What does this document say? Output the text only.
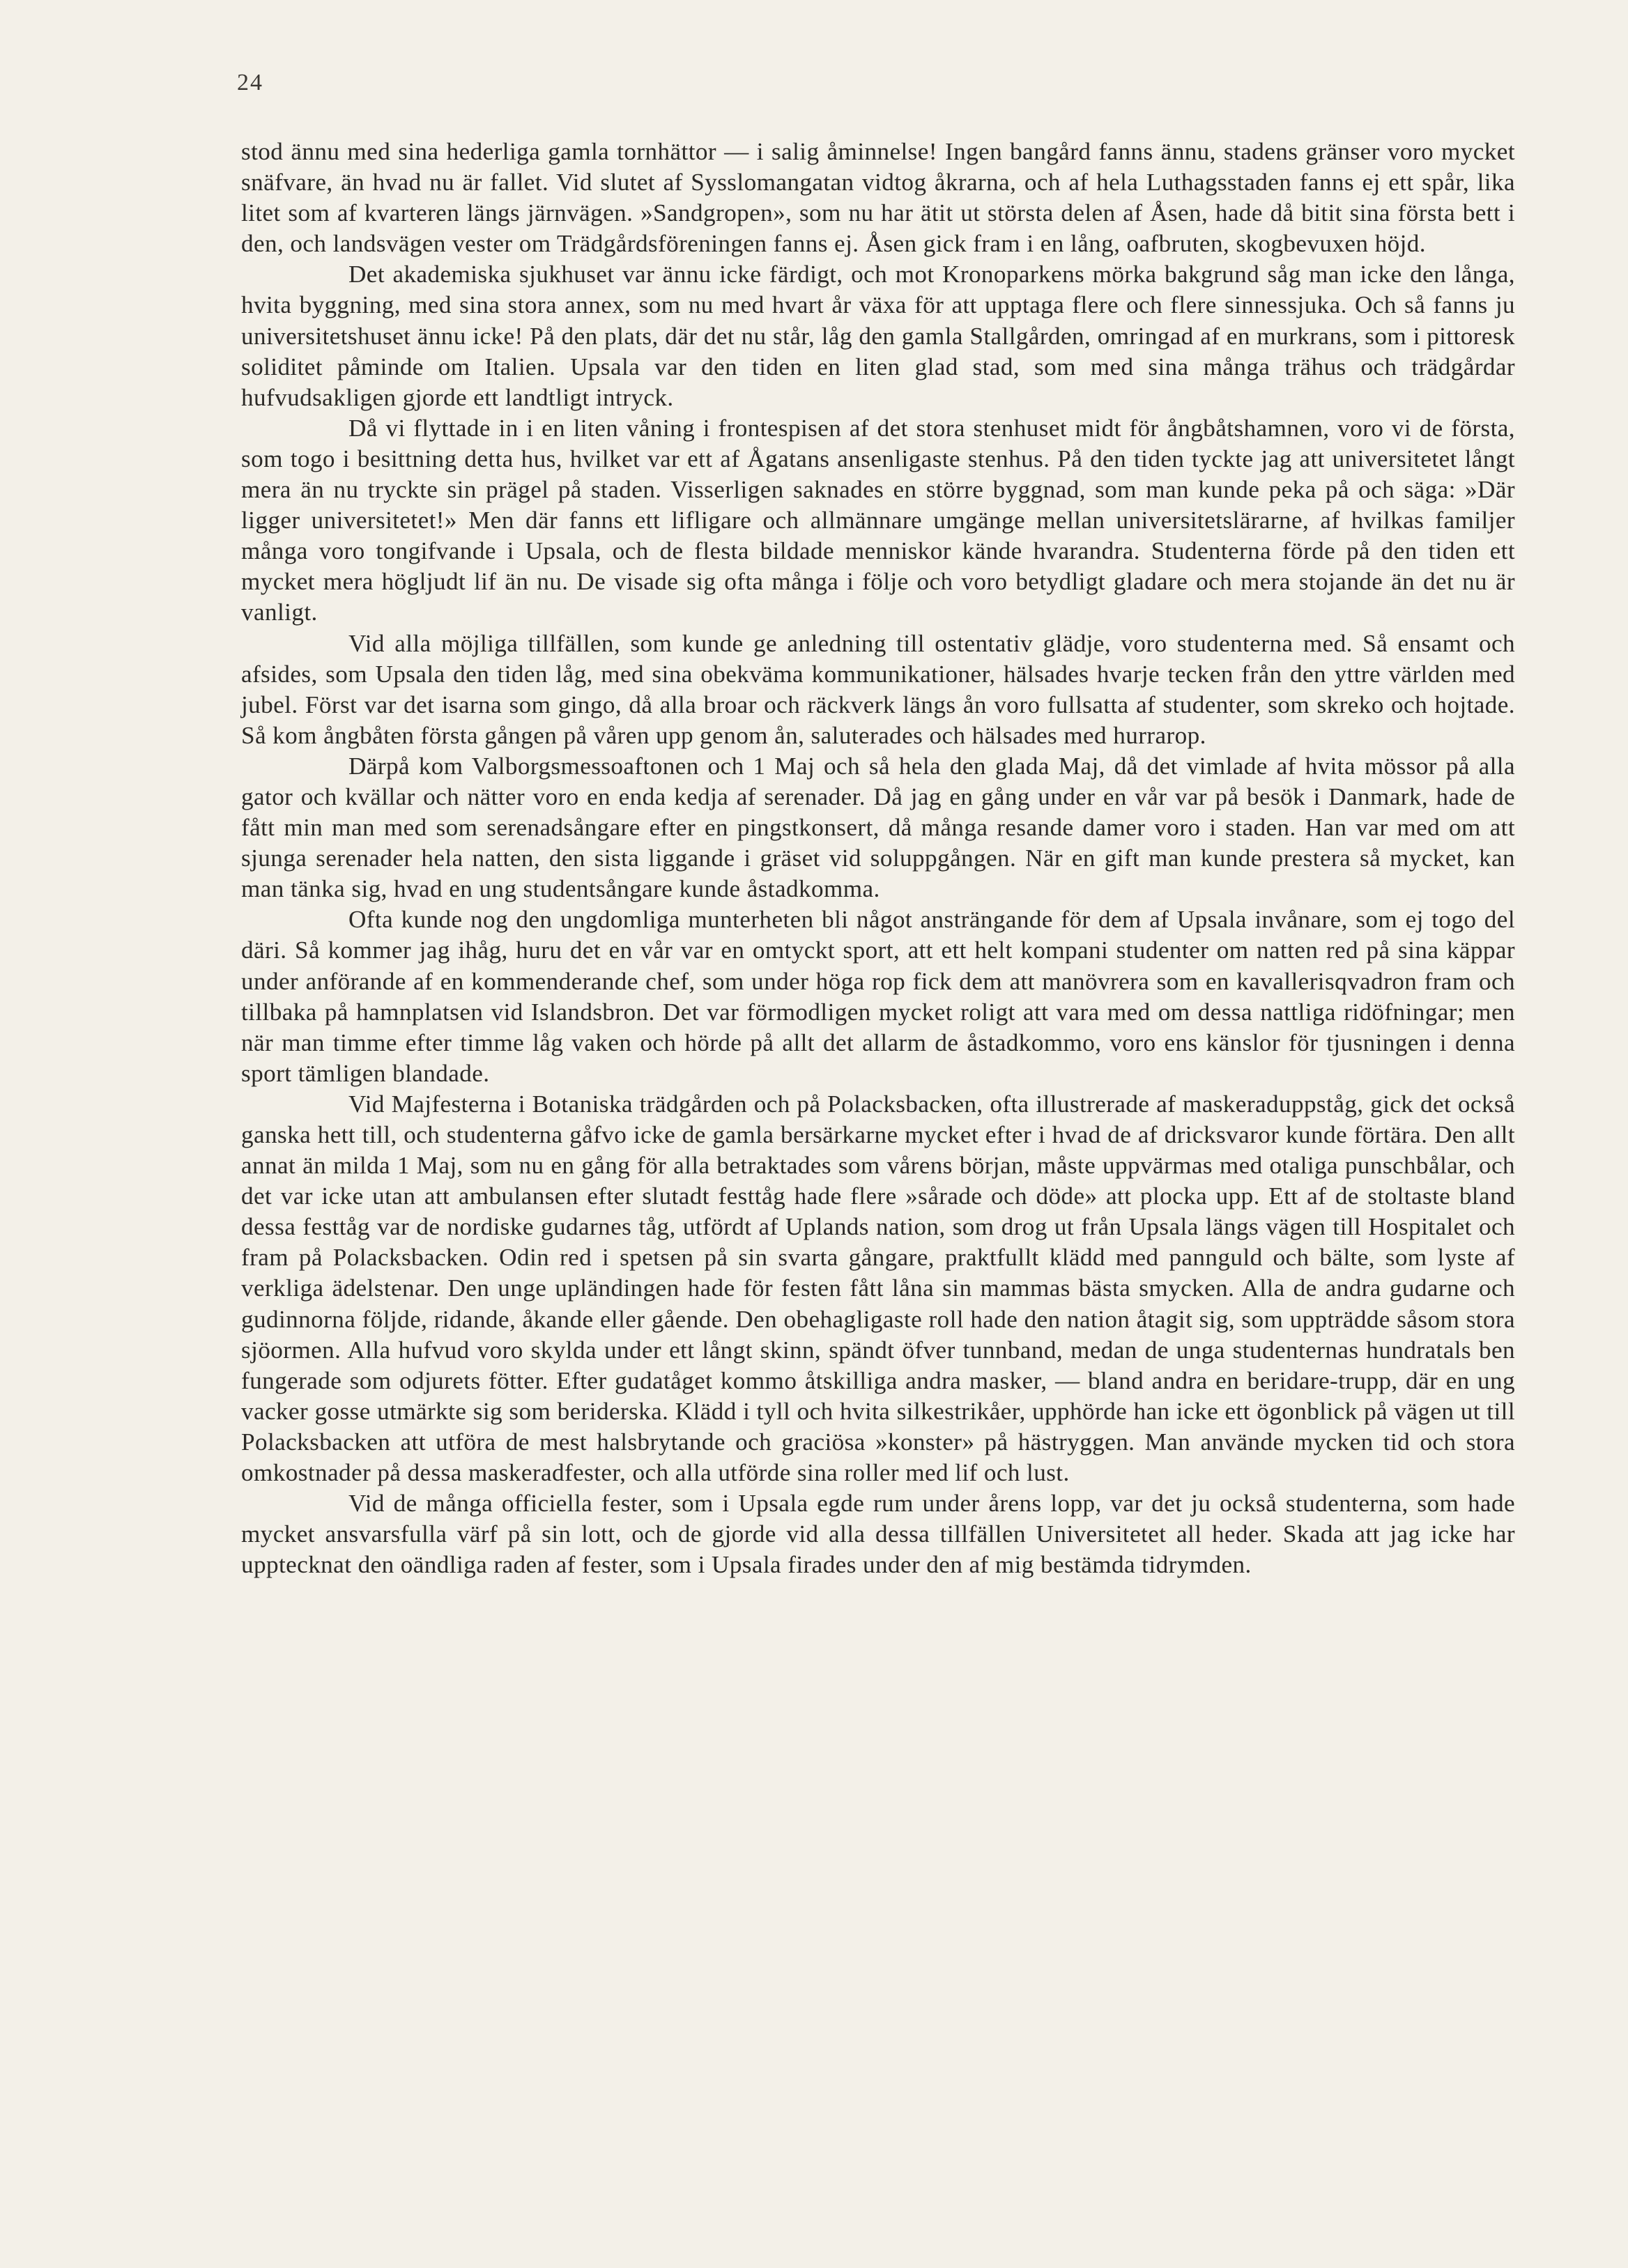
24

stod ännu med sina hederliga gamla tornhättor — i salig åminnelse! Ingen bangård fanns ännu, stadens gränser voro mycket snäfvare, än hvad nu är fallet. Vid slutet af Sysslomangatan vidtog åkrarna, och af hela Luthagsstaden fanns ej ett spår, lika litet som af kvarteren längs järnvägen. »Sandgropen», som nu har ätit ut största delen af Åsen, hade då bitit sina första bett i den, och landsvägen vester om Trädgårdsföreningen fanns ej. Åsen gick fram i en lång, oafbruten, skogbevuxen höjd.

Det akademiska sjukhuset var ännu icke färdigt, och mot Kronoparkens mörka bakgrund såg man icke den långa, hvita byggning, med sina stora annex, som nu med hvart år växa för att upptaga flere och flere sinnessjuka. Och så fanns ju universitetshuset ännu icke! På den plats, där det nu står, låg den gamla Stallgården, omringad af en murkrans, som i pittoresk soliditet påminde om Italien. Upsala var den tiden en liten glad stad, som med sina många trähus och trädgårdar hufvudsakligen gjorde ett landtligt intryck.

Då vi flyttade in i en liten våning i frontespisen af det stora stenhuset midt för ångbåtshamnen, voro vi de första, som togo i besittning detta hus, hvilket var ett af Ågatans ansenligaste stenhus. På den tiden tyckte jag att universitetet långt mera än nu tryckte sin prägel på staden. Visserligen saknades en större byggnad, som man kunde peka på och säga: »Där ligger universitetet!» Men där fanns ett lifligare och allmännare umgänge mellan universitetslärarne, af hvilkas familjer många voro tongifvande i Upsala, och de flesta bildade menniskor kände hvarandra. Studenterna förde på den tiden ett mycket mera högljudt lif än nu. De visade sig ofta många i följe och voro betydligt gladare och mera stojande än det nu är vanligt.

Vid alla möjliga tillfällen, som kunde ge anledning till ostentativ glädje, voro studenterna med. Så ensamt och afsides, som Upsala den tiden låg, med sina obekväma kommunikationer, hälsades hvarje tecken från den yttre världen med jubel. Först var det isarna som gingo, då alla broar och räckverk längs ån voro fullsatta af studenter, som skreko och hojtade. Så kom ångbåten första gången på våren upp genom ån, saluterades och hälsades med hurrarop.

Därpå kom Valborgsmessoaftonen och 1 Maj och så hela den glada Maj, då det vimlade af hvita mössor på alla gator och kvällar och nätter voro en enda kedja af serenader. Då jag en gång under en vår var på besök i Danmark, hade de fått min man med som serenadsångare efter en pingstkonsert, då många resande damer voro i staden. Han var med om att sjunga serenader hela natten, den sista liggande i gräset vid soluppgången. När en gift man kunde prestera så mycket, kan man tänka sig, hvad en ung studentsångare kunde åstadkomma.

Ofta kunde nog den ungdomliga munterheten bli något ansträngande för dem af Upsala invånare, som ej togo del däri. Så kommer jag ihåg, huru det en vår var en omtyckt sport, att ett helt kompani studenter om natten red på sina käppar under anförande af en kommenderande chef, som under höga rop fick dem att manövrera som en kavallerisqvadron fram och tillbaka på hamnplatsen vid Islandsbron. Det var förmodligen mycket roligt att vara med om dessa nattliga ridöfningar; men när man timme efter timme låg vaken och hörde på allt det allarm de åstadkommo, voro ens känslor för tjusningen i denna sport tämligen blandade.

Vid Majfesterna i Botaniska trädgården och på Polacksbacken, ofta illustrerade af maskeraduppståg, gick det också ganska hett till, och studenterna gåfvo icke de gamla bersärkarne mycket efter i hvad de af dricksvaror kunde förtära. Den allt annat än milda 1 Maj, som nu en gång för alla betraktades som vårens början, måste uppvärmas med otaliga punschbålar, och det var icke utan att ambulansen efter slutadt festtåg hade flere »sårade och döde» att plocka upp. Ett af de stoltaste bland dessa festtåg var de nordiske gudarnes tåg, utfördt af Uplands nation, som drog ut från Upsala längs vägen till Hospitalet och fram på Polacksbacken. Odin red i spetsen på sin svarta gångare, praktfullt klädd med pannguld och bälte, som lyste af verkliga ädelstenar. Den unge upländingen hade för festen fått låna sin mammas bästa smycken. Alla de andra gudarne och gudinnorna följde, ridande, åkande eller gående. Den obehagligaste roll hade den nation åtagit sig, som uppträdde såsom stora sjöormen. Alla hufvud voro skylda under ett långt skinn, spändt öfver tunnband, medan de unga studenternas hundratals ben fungerade som odjurets fötter. Efter gudatåget kommo åtskilliga andra masker, — bland andra en beridare-trupp, där en ung vacker gosse utmärkte sig som beriderska. Klädd i tyll och hvita silkestrikåer, upphörde han icke ett ögonblick på vägen ut till Polacksbacken att utföra de mest halsbrytande och graciösa »konster» på hästryggen. Man använde mycken tid och stora omkostnader på dessa maskeradfester, och alla utförde sina roller med lif och lust.

Vid de många officiella fester, som i Upsala egde rum under årens lopp, var det ju också studenterna, som hade mycket ansvarsfulla värf på sin lott, och de gjorde vid alla dessa tillfällen Universitetet all heder. Skada att jag icke har upptecknat den oändliga raden af fester, som i Upsala firades under den af mig bestämda tidrymden.
